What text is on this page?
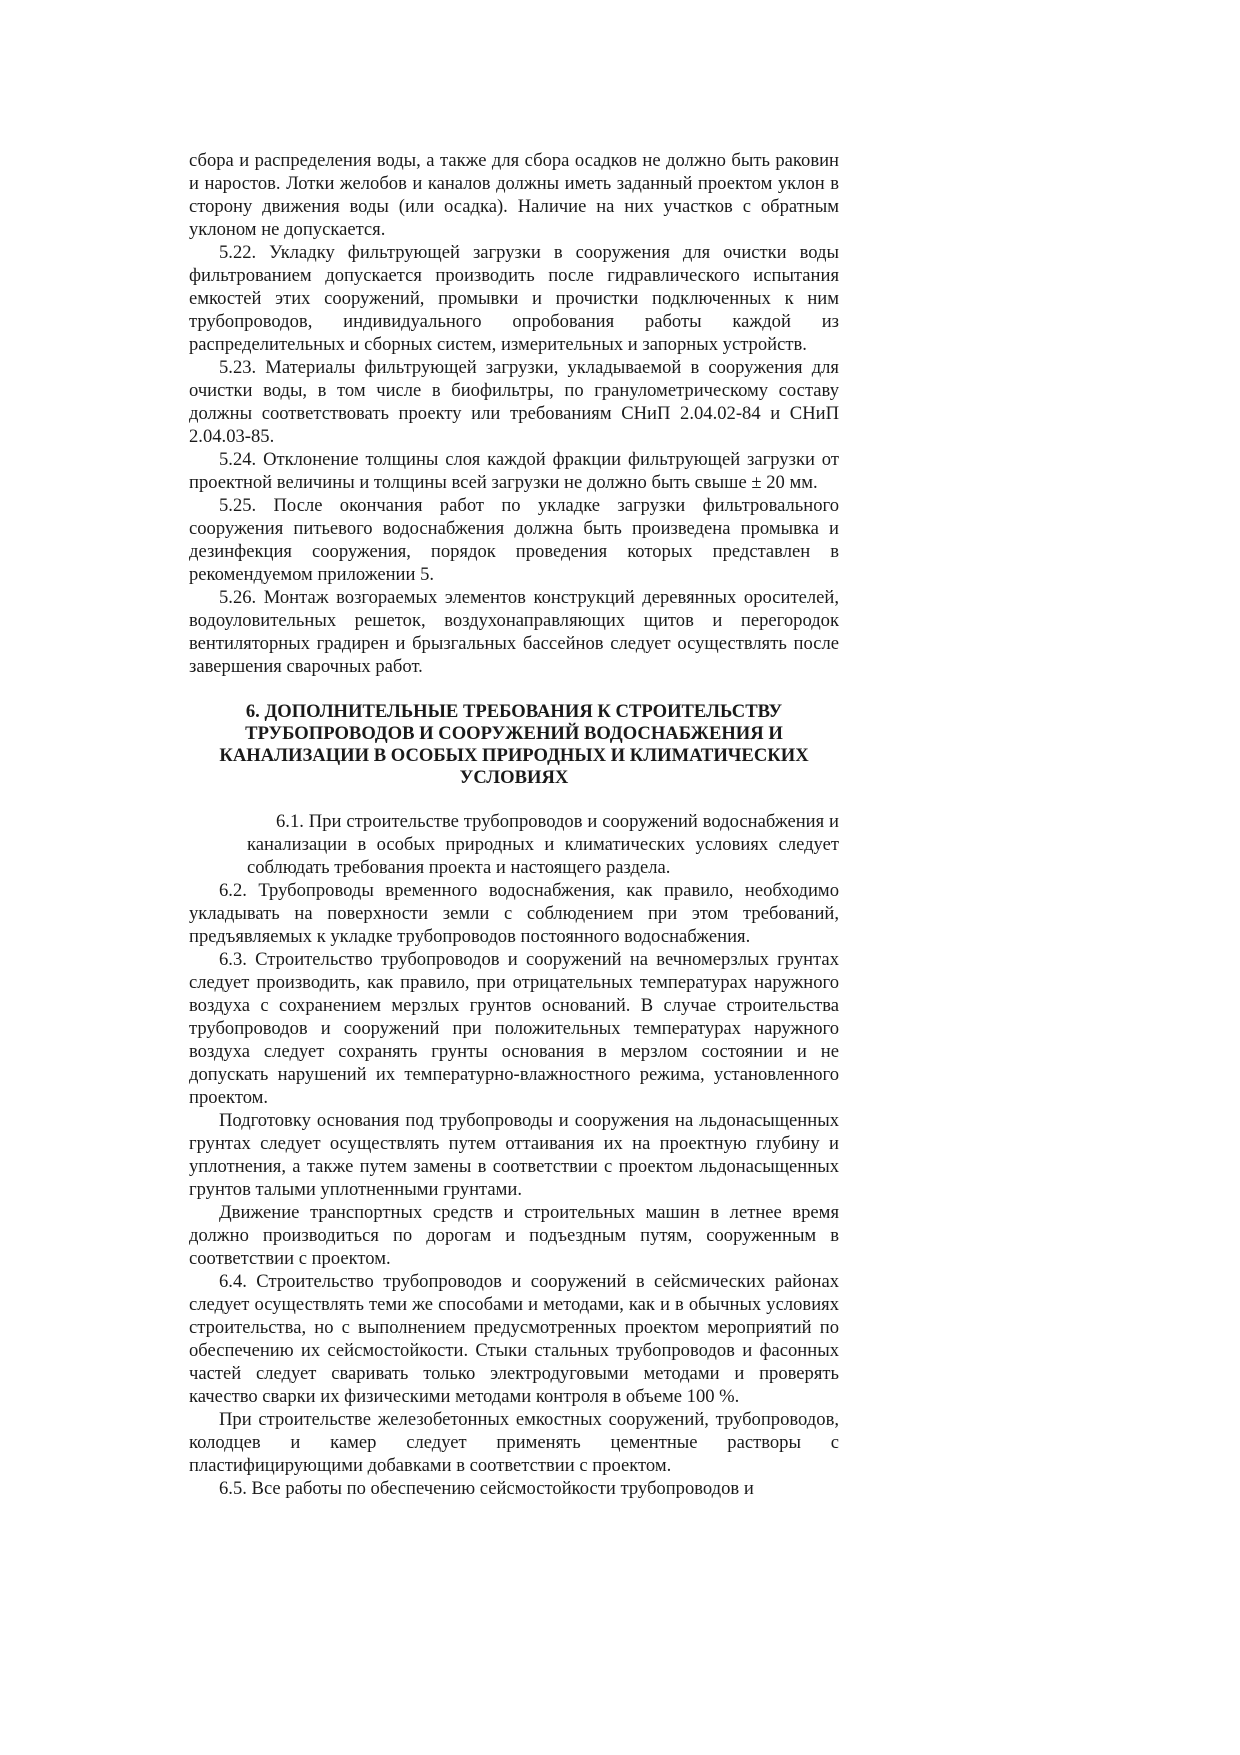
сбора и распределения воды, а также для сбора осадков не должно быть раковин и наростов. Лотки желобов и каналов должны иметь заданный проектом уклон в сторону движения воды (или осадка). Наличие на них участков с обратным уклоном не допускается.

5.22. Укладку фильтрующей загрузки в сооружения для очистки воды фильтрованием допускается производить после гидравлического испытания емкостей этих сооружений, промывки и прочистки подключенных к ним трубопроводов, индивидуального опробования работы каждой из распределительных и сборных систем, измерительных и запорных устройств.

5.23. Материалы фильтрующей загрузки, укладываемой в сооружения для очистки воды, в том числе в биофильтры, по гранулометрическому составу должны соответствовать проекту или требованиям СНиП 2.04.02-84 и СНиП 2.04.03-85.

5.24. Отклонение толщины слоя каждой фракции фильтрующей загрузки от проектной величины и толщины всей загрузки не должно быть свыше ± 20 мм.

5.25. После окончания работ по укладке загрузки фильтровального сооружения питьевого водоснабжения должна быть произведена промывка и дезинфекция сооружения, порядок проведения которых представлен в рекомендуемом приложении 5.

5.26. Монтаж возгораемых элементов конструкций деревянных оросителей, водоуловительных решеток, воздухонаправляющих щитов и перегородок вентиляторных градирен и брызгальных бассейнов следует осуществлять после завершения сварочных работ.

6. ДОПОЛНИТЕЛЬНЫЕ ТРЕБОВАНИЯ К СТРОИТЕЛЬСТВУ ТРУБОПРОВОДОВ И СООРУЖЕНИЙ ВОДОСНАБЖЕНИЯ И КАНАЛИЗАЦИИ В ОСОБЫХ ПРИРОДНЫХ И КЛИМАТИЧЕСКИХ УСЛОВИЯХ

6.1. При строительстве трубопроводов и сооружений водоснабжения и канализации в особых природных и климатических условиях следует соблюдать требования проекта и настоящего раздела.

6.2. Трубопроводы временного водоснабжения, как правило, необходимо укладывать на поверхности земли с соблюдением при этом требований, предъявляемых к укладке трубопроводов постоянного водоснабжения.

6.3. Строительство трубопроводов и сооружений на вечномерзлых грунтах следует производить, как правило, при отрицательных температурах наружного воздуха с сохранением мерзлых грунтов оснований. В случае строительства трубопроводов и сооружений при положительных температурах наружного воздуха следует сохранять грунты основания в мерзлом состоянии и не допускать нарушений их температурно-влажностного режима, установленного проектом.

Подготовку основания под трубопроводы и сооружения на льдонасыщенных грунтах следует осуществлять путем оттаивания их на проектную глубину и уплотнения, а также путем замены в соответствии с проектом льдонасыщенных грунтов талыми уплотненными грунтами.

Движение транспортных средств и строительных машин в летнее время должно производиться по дорогам и подъездным путям, сооруженным в соответствии с проектом.

6.4. Строительство трубопроводов и сооружений в сейсмических районах следует осуществлять теми же способами и методами, как и в обычных условиях строительства, но с выполнением предусмотренных проектом мероприятий по обеспечению их сейсмостойкости. Стыки стальных трубопроводов и фасонных частей следует сваривать только электродуговыми методами и проверять качество сварки их физическими методами контроля в объеме 100 %.

При строительстве железобетонных емкостных сооружений, трубопроводов, колодцев и камер следует применять цементные растворы с пластифицирующими добавками в соответствии с проектом.

6.5. Все работы по обеспечению сейсмостойкости трубопроводов и
